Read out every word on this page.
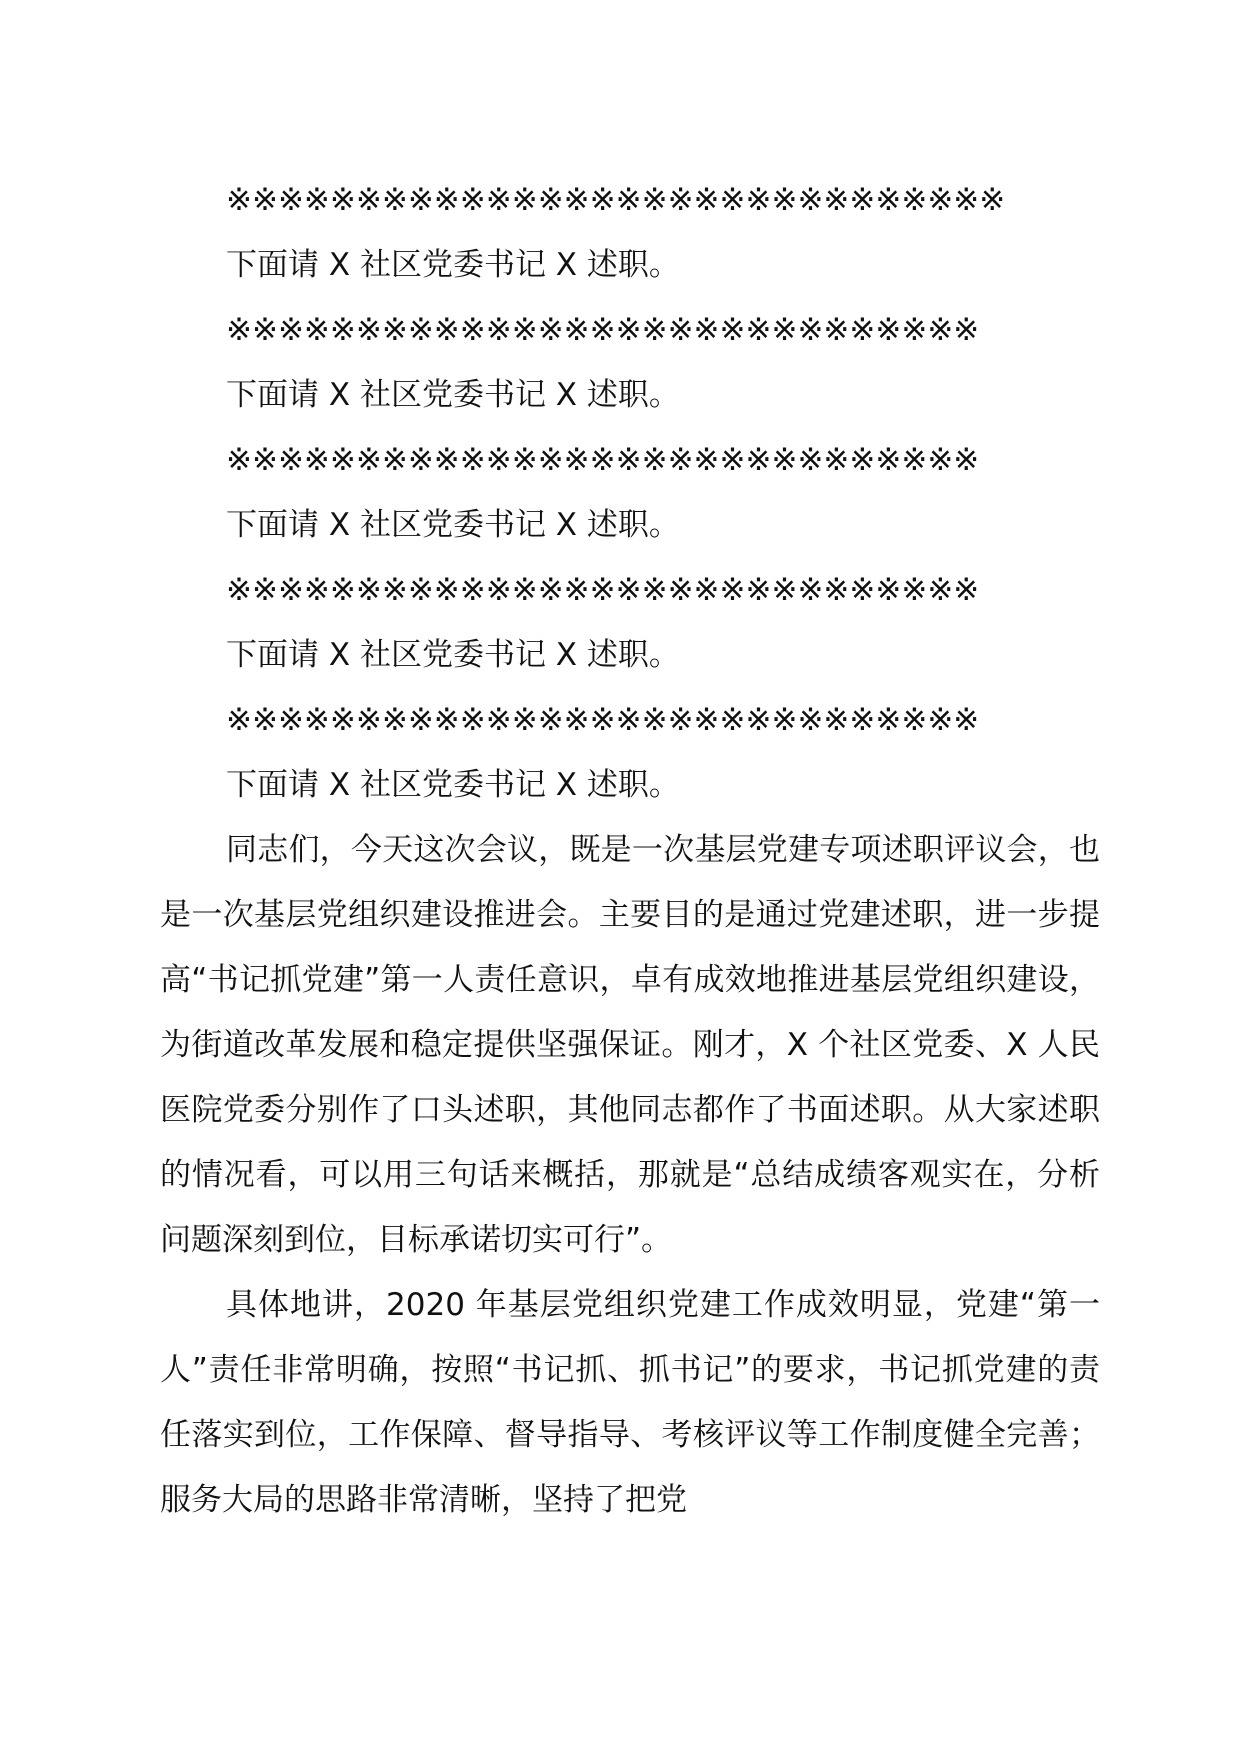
※※※※※※※※※※※※※※※※※※※※※※※※※※※※※※

下面请 X 社区党委书记 X 述职。

※※※※※※※※※※※※※※※※※※※※※※※※※※※※※

下面请 X 社区党委书记 X 述职。

※※※※※※※※※※※※※※※※※※※※※※※※※※※※※

下面请 X 社区党委书记 X 述职。

※※※※※※※※※※※※※※※※※※※※※※※※※※※※※

下面请 X 社区党委书记 X 述职。

※※※※※※※※※※※※※※※※※※※※※※※※※※※※※

下面请 X 社区党委书记 X 述职。

同志们，今天这次会议，既是一次基层党建专项述职评议会，也是一次基层党组织建设推进会。主要目的是通过党建述职，进一步提高“书记抓党建”第一人责任意识，卓有成效地推进基层党组织建设，为街道改革发展和稳定提供坚强保证。刚才，X 个社区党委、X 人民医院党委分别作了口头述职，其他同志都作了书面述职。从大家述职的情况看，可以用三句话来概括，那就是“总结成绩客观实在，分析问题深刻到位，目标承诺切实可行”。

具体地讲，2020 年基层党组织党建工作成效明显，党建“第一人”责任非常明确，按照“书记抓、抓书记”的要求，书记抓党建的责任落实到位，工作保障、督导指导、考核评议等工作制度健全完善；服务大局的思路非常清晰，坚持了把党
